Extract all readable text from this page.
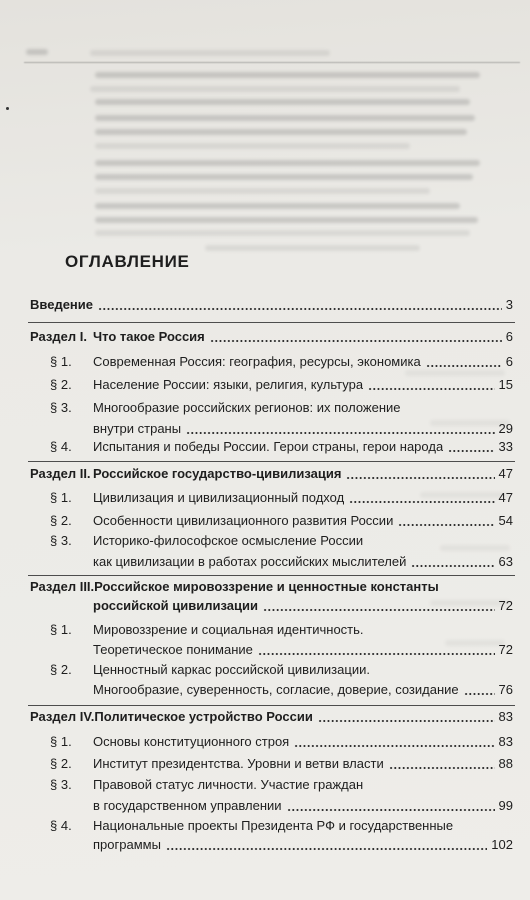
ОГЛАВЛЕНИЕ
Введение	3
Раздел I. Что такое Россия	6
§ 1.	Современная Россия: география, ресурсы, экономика	6
§ 2.	Население России: языки, религия, культура	15
§ 3.	Многообразие российских регионов: их положение
внутри страны	29
§ 4.	Испытания и победы России. Герои страны, герои народа	33
Раздел II. Российское государство-цивилизация	47
§ 1.	Цивилизация и цивилизационный подход	47
§ 2.	Особенности цивилизационного развития России	54
§ 3.	Историко-философское осмысление России
как цивилизации в работах российских мыслителей	63
Раздел III. Российское мировоззрение и ценностные константы
российской цивилизации	72
§ 1.	Мировоззрение и социальная идентичность.
Теоретическое понимание	72
§ 2.	Ценностный каркас российской цивилизации.
Многообразие, суверенность, согласие, доверие, созидание	76
Раздел IV. Политическое устройство России	83
§ 1.	Основы конституционного строя	83
§ 2.	Институт президентства. Уровни и ветви власти	88
§ 3.	Правовой статус личности. Участие граждан
в государственном управлении	99
§ 4.	Национальные проекты Президента РФ и государственные
программы	102
